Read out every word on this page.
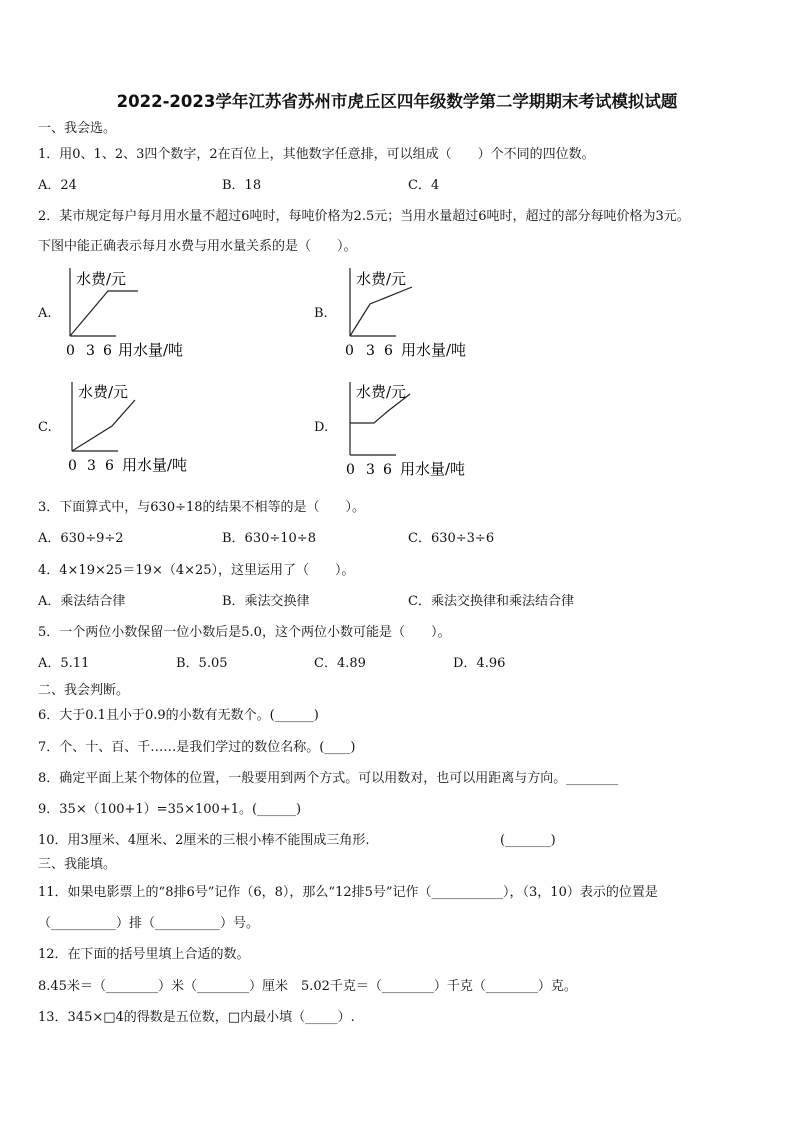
2022-2023学年江苏省苏州市虎丘区四年级数学第二学期期末考试模拟试题
一、我会选。
1．用0、1、2、3四个数字，2在百位上，其他数字任意排，可以组成（　　）个不同的四位数。
A．24	B．18	C．4
2．某市规定每户每月用水量不超过6吨时，每吨价格为2.5元；当用水量超过6吨时，超过的部分每吨价格为3元。
下图中能正确表示每月水费与用水量关系的是（　　）。
A.
水费/元
0 3 6 用水量/吨
B.
水费/元
0 3 6 用水量/吨
C.
水费/元
0 3 6 用水量/吨
D.
水费/元
0 3 6 用水量/吨
3．下面算式中，与630÷18的结果不相等的是（　　）。
A．630÷9÷2	B．630÷10÷8	C．630÷3÷6
4．4×19×25＝19×（4×25），这里运用了（　　）。
A．乘法结合律	B．乘法交换律	C．乘法交换律和乘法结合律
5．一个两位小数保留一位小数后是5.0，这个两位小数可能是（　　）。
A．5.11	B．5.05	C．4.89	D．4.96
二、我会判断。
6．大于0.1且小于0.9的小数有无数个。(______)
7．个、十、百、千……是我们学过的数位名称。(____)
8．确定平面上某个物体的位置，一般要用到两个方式。可以用数对，也可以用距离与方向。________
9．35×（100+1）=35×100+1。(______)
10．用3厘米、4厘米、2厘米的三根小棒不能围成三角形.	(_______)
三、我能填。
11．如果电影票上的“8排6号”记作（6，8），那么“12排5号”记作（___________），（3，10）表示的位置是
（__________）排（__________）号。
12．在下面的括号里填上合适的数。
8.45米＝（________）米（________）厘米　5.02千克＝（________）千克（________）克。
13．345×□4的得数是五位数，□内最小填（_____）.
